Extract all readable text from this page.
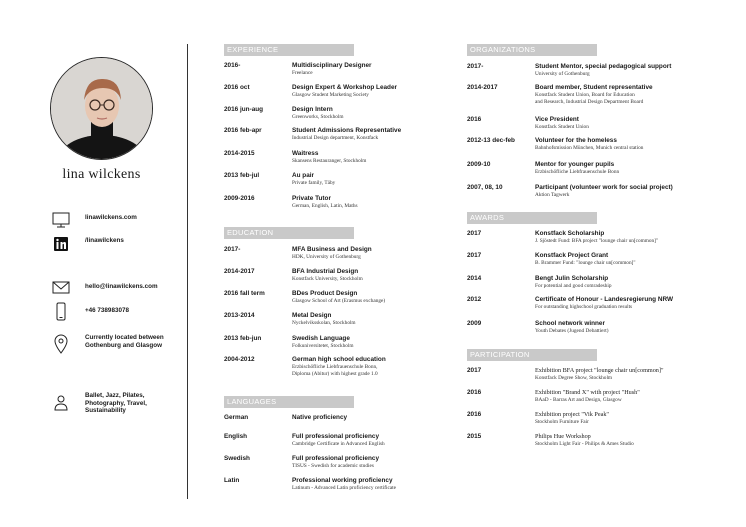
lina wilckens
linawilckens.com
/linawilckens
hello@linawilckens.com
+46 738983078
Currently located between Gothenburg and Glasgow
Ballet, Jazz, Pilates, Photography, Travel, Sustainability
EXPERIENCE
2016-	Multidisciplinary Designer
Freelance
2016 oct	Design Expert & Workshop Leader
Glasgow Student Marketing Society
2016 jun-aug	Design Intern
Greenworks, Stockholm
2016 feb-apr	Student Admissions Representative
Industrial Design department, Konstfack
2014-2015	Waitress
Skansens Restauranger, Stockholm
2013 feb-jul	Au pair
Private family, Täby
2009-2016	Private Tutor
German, English, Latin, Maths
EDUCATION
2017-	MFA Business and Design
HDK, University of Gothenburg
2014-2017	BFA Industrial Design
Konstfack University, Stockholm
2016 fall term	BDes Product Design
Glasgow School of Art (Erasmus exchange)
2013-2014	Metal Design
Nyckelviksskolan, Stockholm
2013 feb-jun	Swedish Language
Folkuniversitetet, Stockholm
2004-2012	German high school education
Erzbischöfliche Liebfrauenschule Bonn,
Diploma (Abitur) with highest grade 1.0
LANGUAGES
German	Native proficiency
English	Full professional proficiency
Cambridge Certificate in Advanced English
Swedish	Full professional proficiency
TISUS - Swedish for academic studies
Latin	Professional working proficiency
Latinum - Advanced Latin proficiency certificate
ORGANIZATIONS
2017-	Student Mentor, special pedagogical support
University of Gothenburg
2014-2017	Board member, Student representative
Konstfack Student Union, Board for Education
and Research, Industrial Design Department Board
2016	Vice President
Konstfack Student Union
2012-13 dec-feb	Volunteer for the homeless
Bahnhofsmission München, Munich central station
2009-10	Mentor for younger pupils
Erzbischöfliche Liebfrauenschule Bonn
2007, 08, 10	Participant (volunteer work for social project)
Aktion Tagwerk
AWARDS
2017	Konstfack Scholarship
J. Sjöstedt Fund: BFA project "lounge chair un[common]"
2017	Konstfack Project Grant
B. Brammer Fund: "lounge chair un[common]"
2014	Bengt Julin Scholarship
For potential and good comradeship
2012	Certificate of Honour - Landesregierung NRW
For outstanding highschool graduation results
2009	School network winner
Youth Debates (Jugend Debattiert)
PARTICIPATION
2017	Exhibition BFA project "lounge chair un[common]"
Konstfack Degree Show, Stockholm
2016	Exhibition "Brand X" with project "Hush"
BAaD - Barras Art and Design, Glasgow
2016	Exhibition project "Vik Peak"
Stockholm Furniture Fair
2015	Philips Hue Workshop
Stockholm Light Fair - Philips & Ames Studio
